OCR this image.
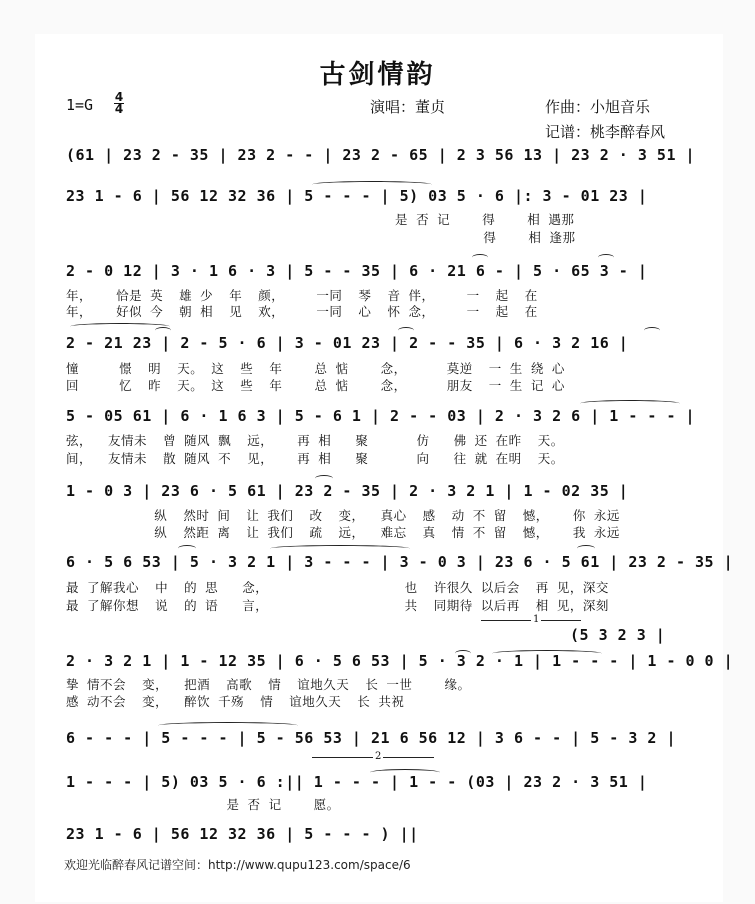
古剑情韵
1=G 4
4	演唱：董贞	作曲：小旭音乐
记谱：桃李醉春风
(61 | 23 2 - 35 | 23 2 - - | 23 2 - 65 | 2 3 56 13 | 23 2 · 3 51 |
23 1 - 6 | 56 12 32 36 | 5 - - - | 5) 03 5 · 6 |: 3 - 01 23 |
是 否 记    得    相 遇那
得    相 逢那
2 - 0 12 | 3 · 1 6 · 3 | 5 - - 35 | 6 · 21 6 - | 5 · 65 3 - |
年，   恰是 英  雄 少  年  颜，    一同  琴  音 伴，    一  起  在
年，   好似 今  朝 相  见  欢，    一同  心  怀 念，    一  起  在
2 - 21 23 | 2 - 5 · 6 | 3 - 01 23 | 2 - - 35 | 6 · 3 2 16 |
憧     憬  明  天。 这  些  年    总 惦    念，     莫逆  一 生 绕 心
回     忆  昨  天。 这  些  年    总 惦    念，     朋友  一 生 记 心
5 - 05 61 | 6 · 1 6 3 | 5 - 6 1 | 2 - - 03 | 2 · 3 2 6 | 1 - - - |
弦，  友情未  曾 随风 飘  远，   再 相   聚      仿   佛 还 在昨  天。
间，  友情未  散 随风 不  见，   再 相   聚      向   往 就 在明  天。
1 - 0 3 | 23 6 · 5 61 | 23 2 - 35 | 2 · 3 2 1 | 1 - 02 35 |
纵  然时 间  让 我们  改  变，  真心  感  动 不 留  憾，   你 永远
纵  然距 离  让 我们  疏  远，  难忘  真  情 不 留  憾，   我 永远
6 · 5 6 53 | 5 · 3 2 1 | 3 - - - | 3 - 0 3 | 23 6 · 5 61 | 23 2 - 35 |
最 了解我心  中  的 思   念，                 也  许很久 以后会  再 见，深交
最 了解你想  说  的 语   言，                 共  同期待 以后再  相 见，深刻
1
(5 3 2 3 |
2 · 3 2 1 | 1 - 12 35 | 6 · 5 6 53 | 5 · 3 2 · 1 | 1 - - - | 1 - 0 0 |
挚 情不会  变，  把酒  高歌  情  谊地久天  长 一世    缘。
感 动不会  变，  醉饮 千殇  情  谊地久天  长 共祝
6 - - - | 5 - - - | 5 - 56 53 | 21 6 56 12 | 3 6 - - | 5 - 3 2 |
2
1 - - - | 5) 03 5 · 6 :|| 1 - - - | 1 - - (03 | 23 2 · 3 51 |
是 否 记    愿。
23 1 - 6 | 56 12 32 36 | 5 - - - ) ||
欢迎光临醉春风记谱空间：http://www.qupu123.com/space/6
